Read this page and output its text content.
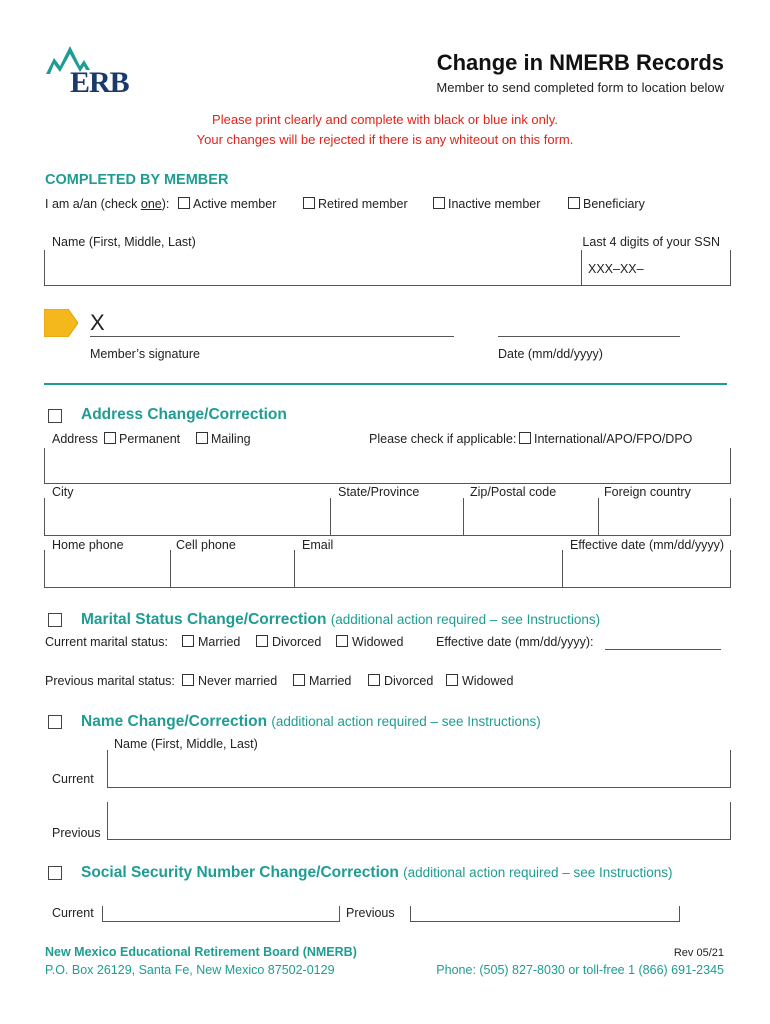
ERB
Change in NMERB Records
Member to send completed form to location below
Please print clearly and complete with black or blue ink only.
Your changes will be rejected if there is any whiteout on this form.
COMPLETED BY MEMBER
I am a/an (check one): Active member	Retired member	Inactive member	Beneficiary
Name (First, Middle, Last)	Last 4 digits of your SSN
XXX–XX–
X
Member’s signature	Date (mm/dd/yyyy)
Address Change/Correction
Address Permanent Mailing	Please check if applicable: International/APO/FPO/DPO
City	State/Province	Zip/Postal code	Foreign country
Home phone	Cell phone	Email	Effective date (mm/dd/yyyy)
Marital Status Change/Correction (additional action required – see Instructions)
Current marital status: Married	Divorced Widowed	Effective date (mm/dd/yyyy):
Previous marital status: Never married	Married	Divorced Widowed
Name Change/Correction (additional action required – see Instructions)
Name (First, Middle, Last)
Current
Previous
Social Security Number Change/Correction (additional action required – see Instructions)
Current	Previous
New Mexico Educational Retirement Board (NMERB)
P.O. Box 26129, Santa Fe, New Mexico 87502-0129
Rev 05/21
Phone: (505) 827-8030 or toll-free 1 (866) 691-2345
